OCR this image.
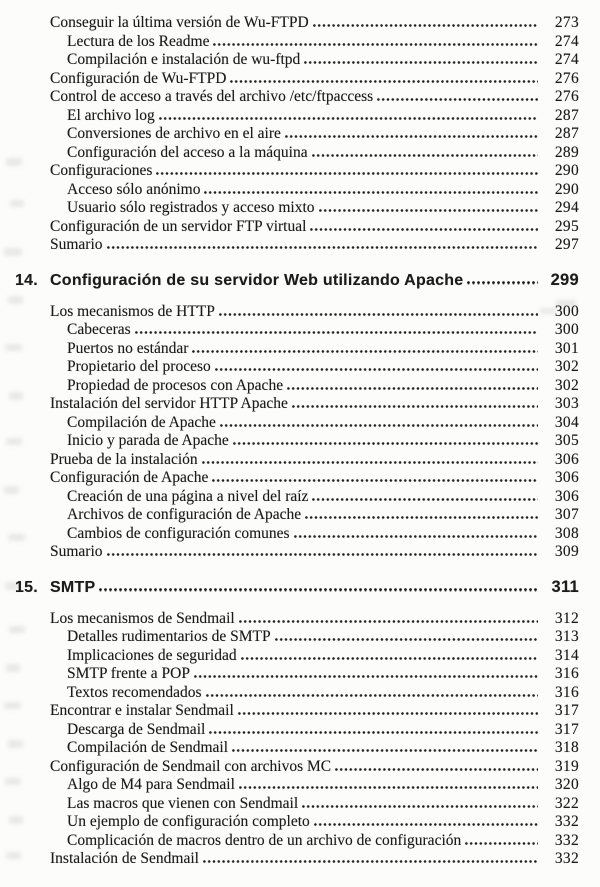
Conseguir la última versión de Wu-FTPD	273
Lectura de los Readme	274
Compilación e instalación de wu-ftpd	274
Configuración de Wu-FTPD	276
Control de acceso a través del archivo /etc/ftpaccess	276
El archivo log	287
Conversiones de archivo en el aire	287
Configuración del acceso a la máquina	289
Configuraciones	290
Acceso sólo anónimo	290
Usuario sólo registrados y acceso mixto	294
Configuración de un servidor FTP virtual	295
Sumario	297
14. Configuración de su servidor Web utilizando Apache	299
Los mecanismos de HTTP	300
Cabeceras	300
Puertos no estándar	301
Propietario del proceso	302
Propiedad de procesos con Apache	302
Instalación del servidor HTTP Apache	303
Compilación de Apache	304
Inicio y parada de Apache	305
Prueba de la instalación	306
Configuración de Apache	306
Creación de una página a nivel del raíz	306
Archivos de configuración de Apache	307
Cambios de configuración comunes	308
Sumario	309
15. SMTP	311
Los mecanismos de Sendmail	312
Detalles rudimentarios de SMTP	313
Implicaciones de seguridad	314
SMTP frente a POP	316
Textos recomendados	316
Encontrar e instalar Sendmail	317
Descarga de Sendmail	317
Compilación de Sendmail	318
Configuración de Sendmail con archivos MC	319
Algo de M4 para Sendmail	320
Las macros que vienen con Sendmail	322
Un ejemplo de configuración completo	332
Complicación de macros dentro de un archivo de configuración	332
Instalación de Sendmail	332
